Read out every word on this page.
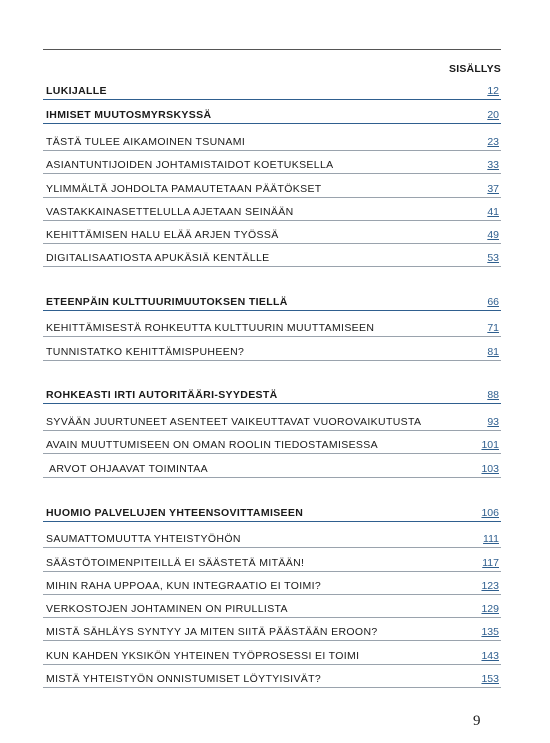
SISÄLLYS
LUKIJALLE	12
IHMISET MUUTOSMYRSKYSSÄ	20
TÄSTÄ TULEE AIKAMOINEN TSUNAMI	23
ASIANTUNTIJOIDEN JOHTAMISTAIDOT KOETUKSELLA	33
YLIMMÄLTÄ JOHDOLTA PAMAUTETAAN PÄÄTÖKSET	37
VASTAKKAINASETTELULLA AJETAAN SEINÄÄN	41
KEHITTÄMISEN HALU ELÄÄ ARJEN TYÖSSÄ	49
DIGITALISAATIOSTA APUKÄSIÄ KENTÄLLE	53
ETEENPÄIN KULTTUURIMUUTOKSEN TIELLÄ	66
KEHITTÄMISESTÄ ROHKEUTTA KULTTUURIN MUUTTAMISEEN	71
TUNNISTATKO KEHITTÄMISPUHEEN?	81
ROHKEASTI IRTI AUTORITÄÄRI-SYYDESTÄ	88
SYVÄÄN JUURTUNEET ASENTEET VAIKEUTTAVAT VUOROVAIKUTUSTA	93
AVAIN MUUTTUMISEEN ON OMAN ROOLIN TIEDOSTAMISESSA	101
ARVOT OHJAAVAT TOIMINTAA	103
HUOMIO PALVELUJEN YHTEENSOVITTAMISEEN	106
SAUMATTOMUUTTA YHTEISTYÖHÖN	111
SÄÄSTÖTOIMENPITEILLÄ EI SÄÄSTETÄ MITÄÄN!	117
MIHIN RAHA UPPOAA, KUN INTEGRAATIO EI TOIMI?	123
VERKOSTOJEN JOHTAMINEN ON PIRULLISTA	129
MISTÄ SÄHLÄYS SYNTYY JA MITEN SIITÄ PÄÄSTÄÄN EROON?	135
KUN KAHDEN YKSIKÖN YHTEINEN TYÖPROSESSI EI TOIMI	143
MISTÄ YHTEISTYÖN ONNISTUMISET LÖYTYISIVÄT?	153
9
